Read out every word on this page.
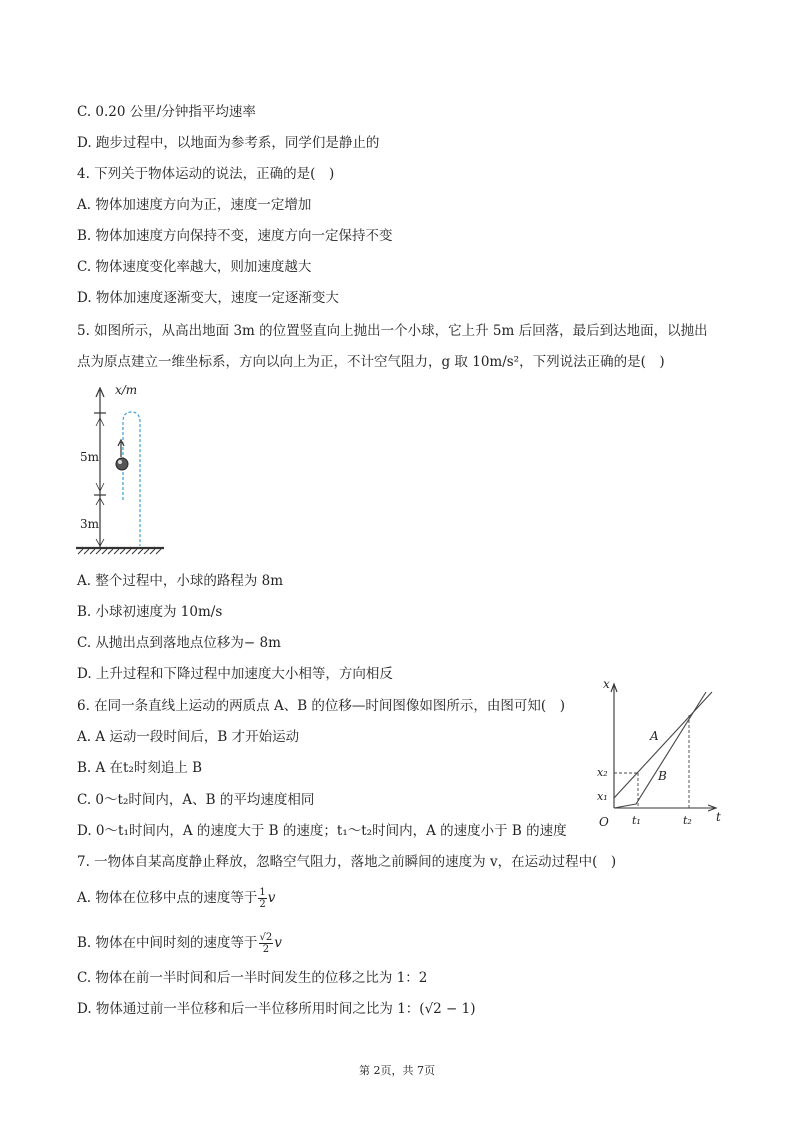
C. 0.20 公里/分钟指平均速率
D. 跑步过程中，以地面为参考系，同学们是静止的
4. 下列关于物体运动的说法，正确的是(　)
A. 物体加速度方向为正，速度一定增加
B. 物体加速度方向保持不变，速度方向一定保持不变
C. 物体速度变化率越大，则加速度越大
D. 物体加速度逐渐变大，速度一定逐渐变大
5. 如图所示，从高出地面 3m 的位置竖直向上抛出一个小球，它上升 5m 后回落，最后到达地面，以抛出
点为原点建立一维坐标系，方向以向上为正，不计空气阻力，g 取 10m/s²，下列说法正确的是(　)
x/m
5m
3m
A. 整个过程中，小球的路程为 8m
B. 小球初速度为 10m/s
C. 从抛出点到落地点位移为− 8m
D. 上升过程和下降过程中加速度大小相等，方向相反
6. 在同一条直线上运动的两质点 A、B 的位移—时间图像如图所示，由图可知(　)
A. A 运动一段时间后，B 才开始运动
B. A 在t₂时刻追上 B
C. 0～t₂时间内，A、B 的平均速度相同
D. 0～t₁时间内，A 的速度大于 B 的速度；t₁～t₂时间内，A 的速度小于 B 的速度
x
t
O
x₂
x₁
t₁	t₂
A
B
7. 一物体自某高度静止释放，忽略空气阻力，落地之前瞬间的速度为 v，在运动过程中(　)
A. 物体在位移中点的速度等于 $\frac{1}{2}$ v
B. 物体在中间时刻的速度等于 $\frac{√2}{2}$ v
C. 物体在前一半时间和后一半时间发生的位移之比为 1：2
D. 物体通过前一半位移和后一半位移所用时间之比为 1：(√2 − 1)
第 2页，共 7页
